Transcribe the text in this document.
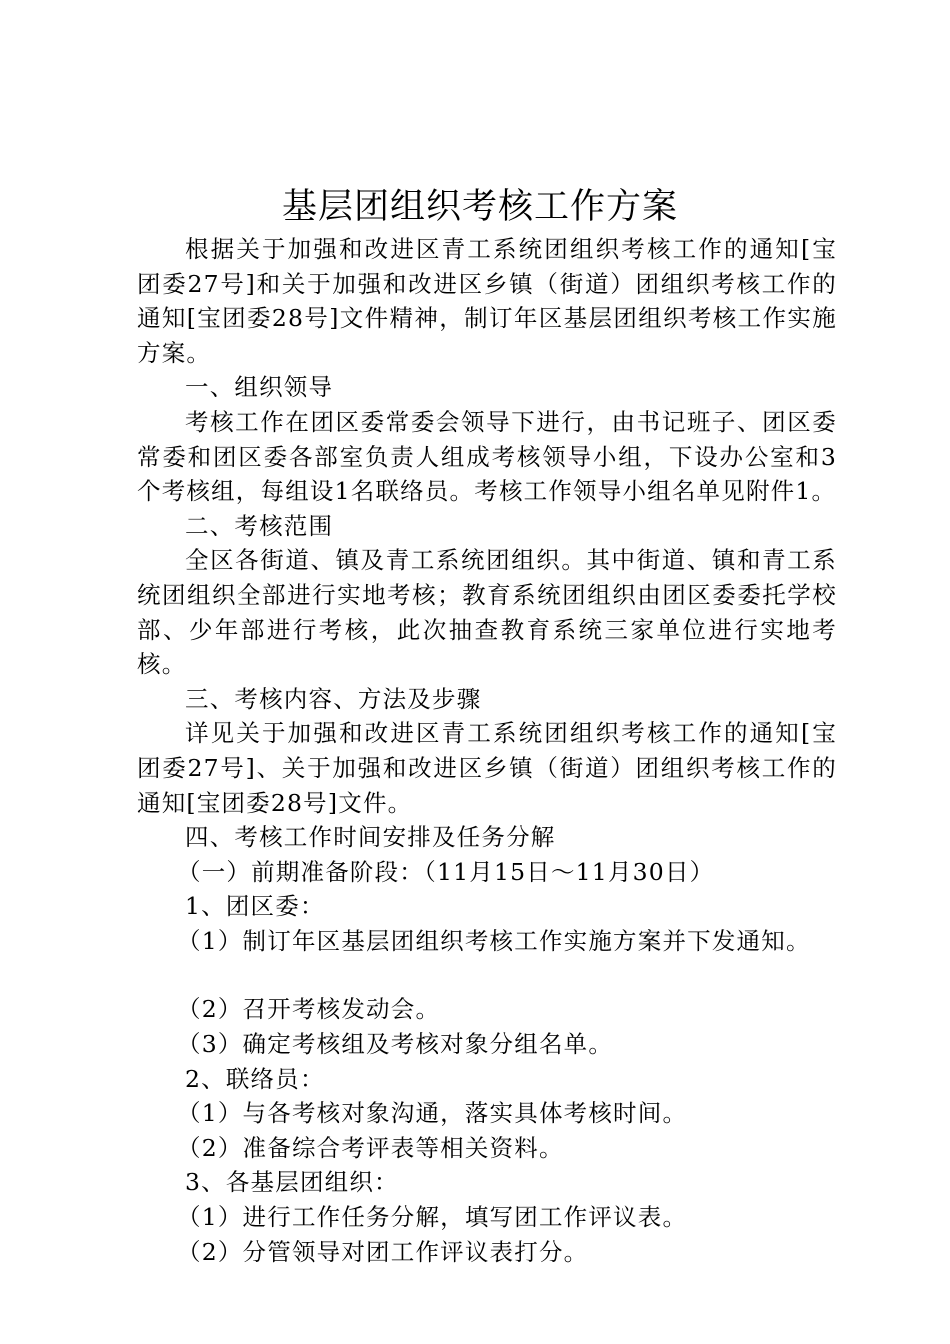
基层团组织考核工作方案

根据关于加强和改进区青工系统团组织考核工作的通知[宝团委27号]和关于加强和改进区乡镇（街道）团组织考核工作的通知[宝团委28号]文件精神，制订年区基层团组织考核工作实施方案。

一、组织领导

考核工作在团区委常委会领导下进行，由书记班子、团区委常委和团区委各部室负责人组成考核领导小组，下设办公室和3个考核组，每组设1名联络员。考核工作领导小组名单见附件1。

二、考核范围

全区各街道、镇及青工系统团组织。其中街道、镇和青工系统团组织全部进行实地考核；教育系统团组织由团区委委托学校部、少年部进行考核，此次抽查教育系统三家单位进行实地考核。

三、考核内容、方法及步骤

详见关于加强和改进区青工系统团组织考核工作的通知[宝团委27号]、关于加强和改进区乡镇（街道）团组织考核工作的通知[宝团委28号]文件。

四、考核工作时间安排及任务分解

（一）前期准备阶段：（11月15日～11月30日）

1、团区委：

（1）制订年区基层团组织考核工作实施方案并下发通知。

（2）召开考核发动会。

（3）确定考核组及考核对象分组名单。

2、联络员：

（1）与各考核对象沟通，落实具体考核时间。

（2）准备综合考评表等相关资料。

3、各基层团组织：

（1）进行工作任务分解，填写团工作评议表。

（2）分管领导对团工作评议表打分。
